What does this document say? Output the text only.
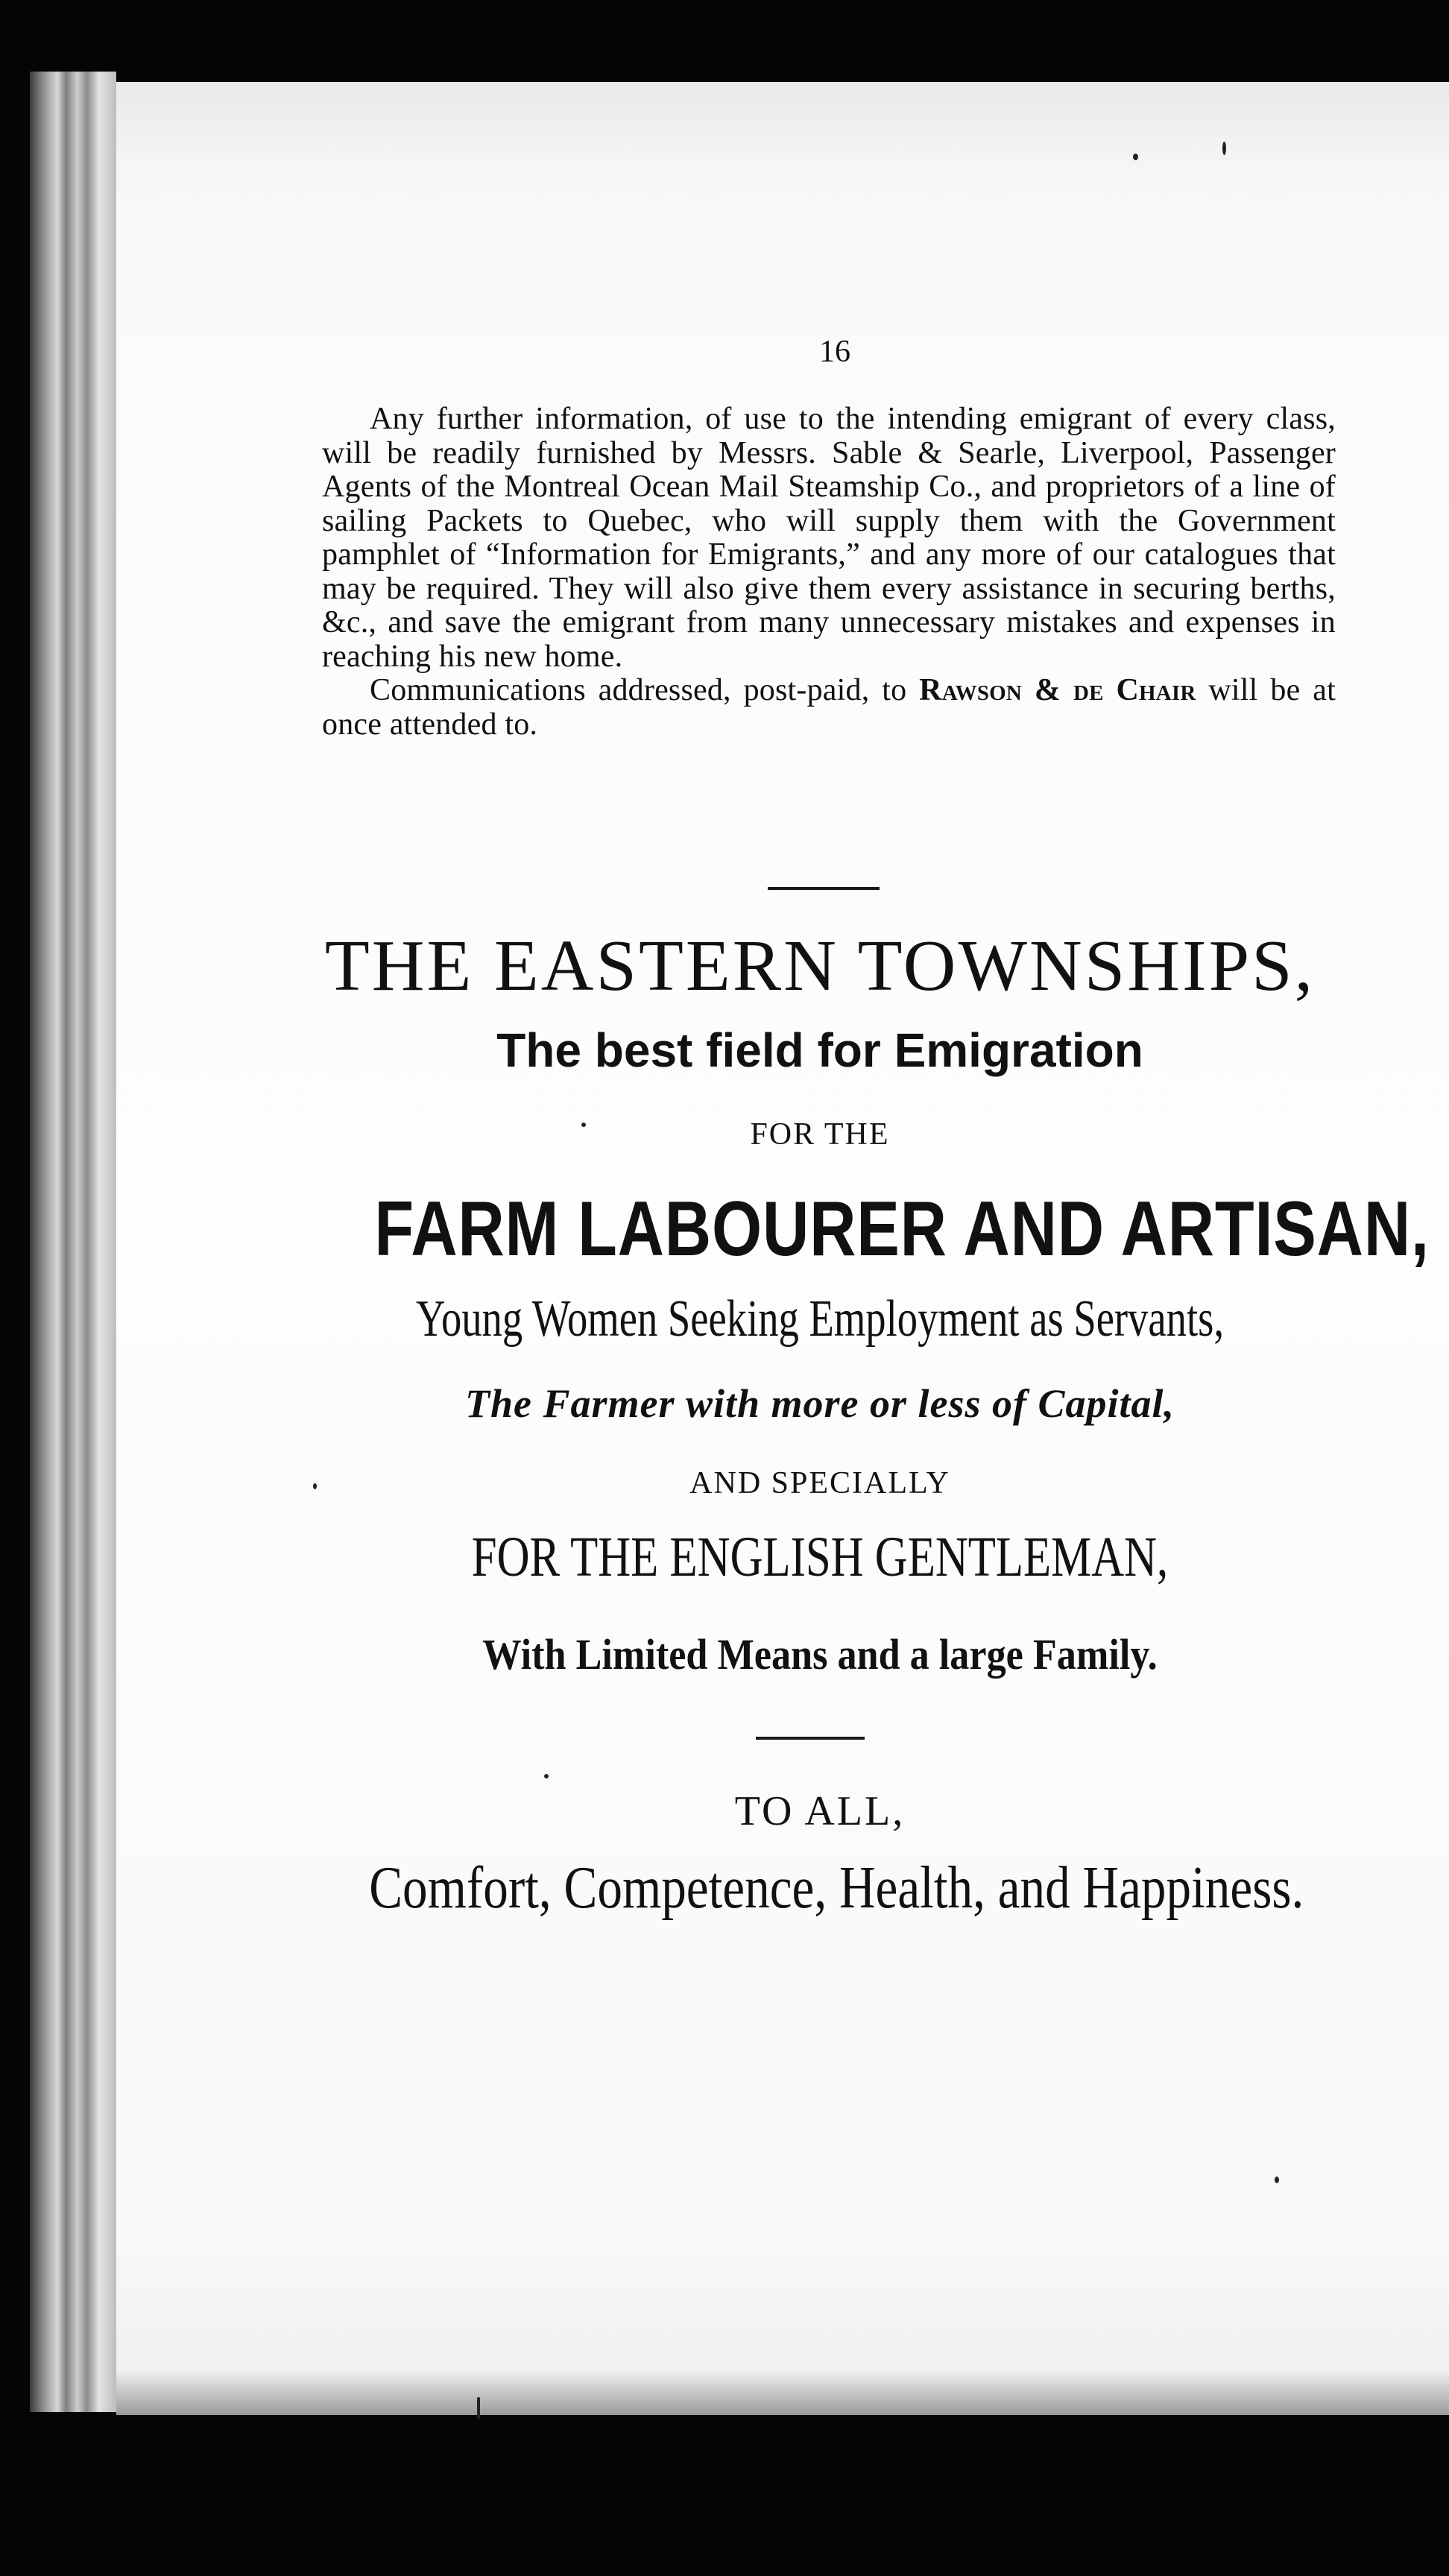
16

Any further information, of use to the intending emigrant of every class, will be readily furnished by Messrs. Sable & Searle, Liverpool, Passenger Agents of the Montreal Ocean Mail Steamship Co., and proprietors of a line of sailing Packets to Quebec, who will supply them with the Government pamphlet of “Information for Emigrants,” and any more of our catalogues that may be required. They will also give them every assistance in securing berths, &c., and save the emigrant from many unnecessary mistakes and expenses in reaching his new home.

Communications addressed, post-paid, to Rawson & de Chair will be at once attended to.

THE EASTERN TOWNSHIPS,
The best field for Emigration
FOR THE
FARM LABOURER AND ARTISAN,
Young Women Seeking Employment as Servants,
The Farmer with more or less of Capital,
AND SPECIALLY
FOR THE ENGLISH GENTLEMAN,
With Limited Means and a large Family.
TO ALL,
Comfort, Competence, Health, and Happiness.
